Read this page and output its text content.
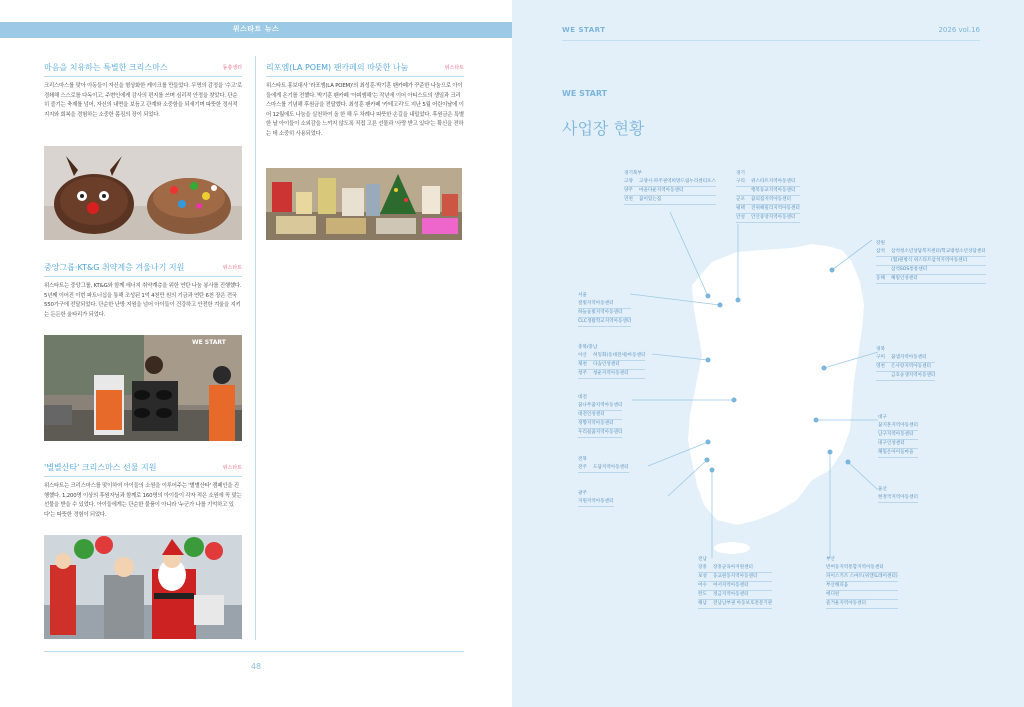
위스타트 뉴스
마음을 치유하는 특별한 크리스마스	동충생터
크리스마스를 맞아 아동들이 자신을 형상화한 케이크를 만들었다. 무명의 감정을 '수고'로 경쇄해 스스로를 다독이고, 주변인에게 감사의 편지를 쓰며 심리적 안정을 찾았다. 단순히 즐기는 축제를 넘어, 자신의 내면을 보듬고 관계와 소중함을 되새기며 따뜻한 정서적 지지와 회복을 경험하는 소중한 몸짐의 장이 되었다.
중앙그룹·KT&G 취약계층 겨울나기 지원	위스타트
위스타트는 중앙그룹, KT&G와 함께 에너지 취약계층을 위한 연탄 나눔 봉사를 진행했다. 5년째 이어진 이번 파트너십을 통해 조성된 1억 4천만 원의 기금과 연탄 6천 장은 전국 550가구에 전달되었다. 단순한 난방 지원을 넘어 아이들이 건강하고 안전한 겨울을 지키는 든든한 울타리가 되었다.
WE START
'별별산타' 크리스마스 선물 지원	위스타트
위스타트는 크리스마스를 맞이하여 아이들의 소원을 이루어주는 '별별산타' 캠페인을 진행했다. 1,200명 이상의 후원자님과 함께로 160명의 아이들이 각자 적은 소원에 꼭 맞는 선물을 받을 수 있었다. 아이들에게는 단순한 물품이 아니라 '누군가 나를 기억하고 있다'는 따뜻한 경험이 되었다.
리포엠(LA POEM) 팬카페의 따뜻한 나눔	위스타트
위스타트 홍보대사 '라포엠(LA POEM)'의 최성훈·박기훈 팬카페가 꾸준한 나눔으로 아이들에게 온기를 전했다. 박기훈 팬카페 '아피엠해'는 작년에 이어 아티스트의 생일과 크리스마스를 기념해 후원금을 전달했다. 최성훈 팬카페 '카테고리'도 지난 5월 어린이날에 이어 12월에도 나눔을 실천하여 올 한 해 두 차례나 따뜻한 손길을 내밀었다. 후원금은 특별한 날 아이들이 소외감을 느끼지 않도록 직접 고른 선물과 '사랑 받고 있다'는 확신을 전하는 데 소중히 사용되었다.
48
WE START	2026 vol.16
WE START
사업장 현황
경기북부
고양 고양시·파주권역희망드림누리센터포스
양주 마을다운지역아동센터
연천 꿈이있는집
경기
구리 위스타트지역아동센터
행복둥교지역아동센터
군포 꿈의집지역아동센터
평택 진위해밀리지역아동센터
안성 안산중앙지역아동센터
강원
삼척 삼척청소년상담복지센터/학교밖청소년상담센터
(협)원방식 위스타트삼척지역아동센터
삼척SOS통통센터
동해 해밀인성센터
서울
절빛지역아동센터
하늘숲빛지역아동센터
CLC생활학교지역아동센터
충북/충남
아산 허밍회(동대전세)아동센터
제천 다솜인성센터
청주 청운지역아동센터
경북
구미 꿈샘지역아동센터
영천 은사랑지역아동센터
금호숭생지역아동센터
대전
꿈나무꿈지역아동센터
대전인성센터
정향지역아동센터
우리쉼꿈지역아동센터
대구
꿈지혼지역아동센터
남구지역아동센터
대구인성센터
해밀온아이들마을
전북
전주 도담지역아동센터
광주
지원지역아동센터
울산
현정국지역아동센터
전남
장흥 장흥군육아지원센터
보성 웅교원동지역아동센터
여수 여서지역아동센터
완도 정금지역아동센터
해남 전남남부권 아동보호전문기관
부산
반여동지역통합지역아동센터
파이스키즈 스마트(위캔토레어센터)
부산해피움
에디펀
즐거운지역아동센터
